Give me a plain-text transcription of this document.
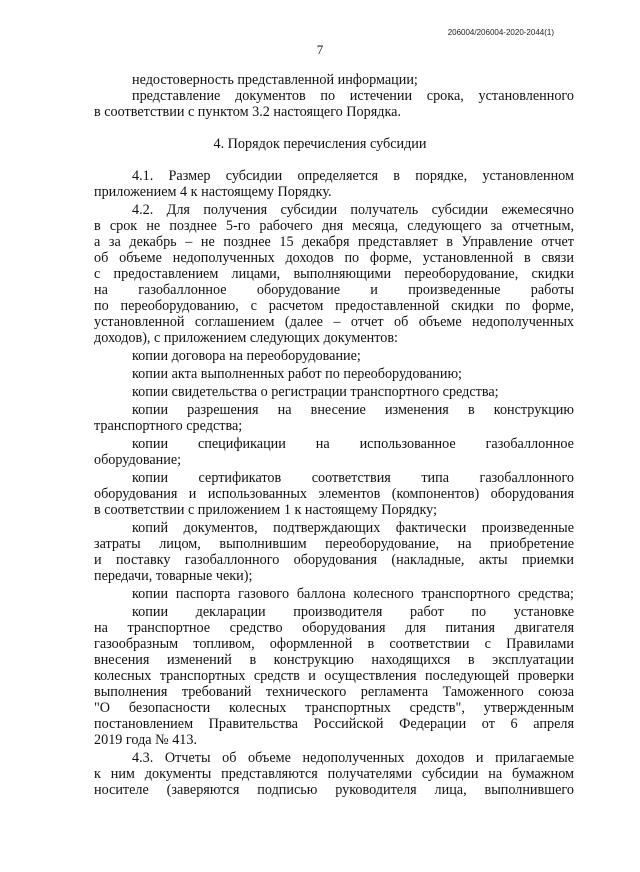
206004/206004-2020-2044(1)
7
недостоверность представленной информации;
представление документов по истечении срока, установленного
в соответствии с пунктом 3.2 настоящего Порядка.
4. Порядок перечисления субсидии
4.1. Размер субсидии определяется в порядке, установленном
приложением 4 к настоящему Порядку.
4.2. Для получения субсидии получатель субсидии ежемесячно
в срок не позднее 5-го рабочего дня месяца, следующего за отчетным,
а за декабрь – не позднее 15 декабря представляет в Управление отчет
об объеме недополученных доходов по форме, установленной в связи
с предоставлением лицами, выполняющими переоборудование, скидки
на газобаллонное оборудование и произведенные работы
по переоборудованию, с расчетом предоставленной скидки по форме,
установленной соглашением (далее – отчет об объеме недополученных
доходов), с приложением следующих документов:
копии договора на переоборудование;
копии акта выполненных работ по переоборудованию;
копии свидетельства о регистрации транспортного средства;
копии разрешения на внесение изменения в конструкцию
транспортного средства;
копии спецификации на использованное газобаллонное
оборудование;
копии сертификатов соответствия типа газобаллонного
оборудования и использованных элементов (компонентов) оборудования
в соответствии с приложением 1 к настоящему Порядку;
копий документов, подтверждающих фактически произведенные
затраты лицом, выполнившим переоборудование, на приобретение
и поставку газобаллонного оборудования (накладные, акты приемки
передачи, товарные чеки);
копии паспорта газового баллона колесного транспортного средства;
копии декларации производителя работ по установке
на транспортное средство оборудования для питания двигателя
газообразным топливом, оформленной в соответствии с Правилами
внесения изменений в конструкцию находящихся в эксплуатации
колесных транспортных средств и осуществления последующей проверки
выполнения требований технического регламента Таможенного союза
"О безопасности колесных транспортных средств", утвержденным
постановлением Правительства Российской Федерации от 6 апреля
2019 года № 413.
4.3. Отчеты об объеме недополученных доходов и прилагаемые
к ним документы представляются получателями субсидии на бумажном
носителе (заверяются подписью руководителя лица, выполнившего
